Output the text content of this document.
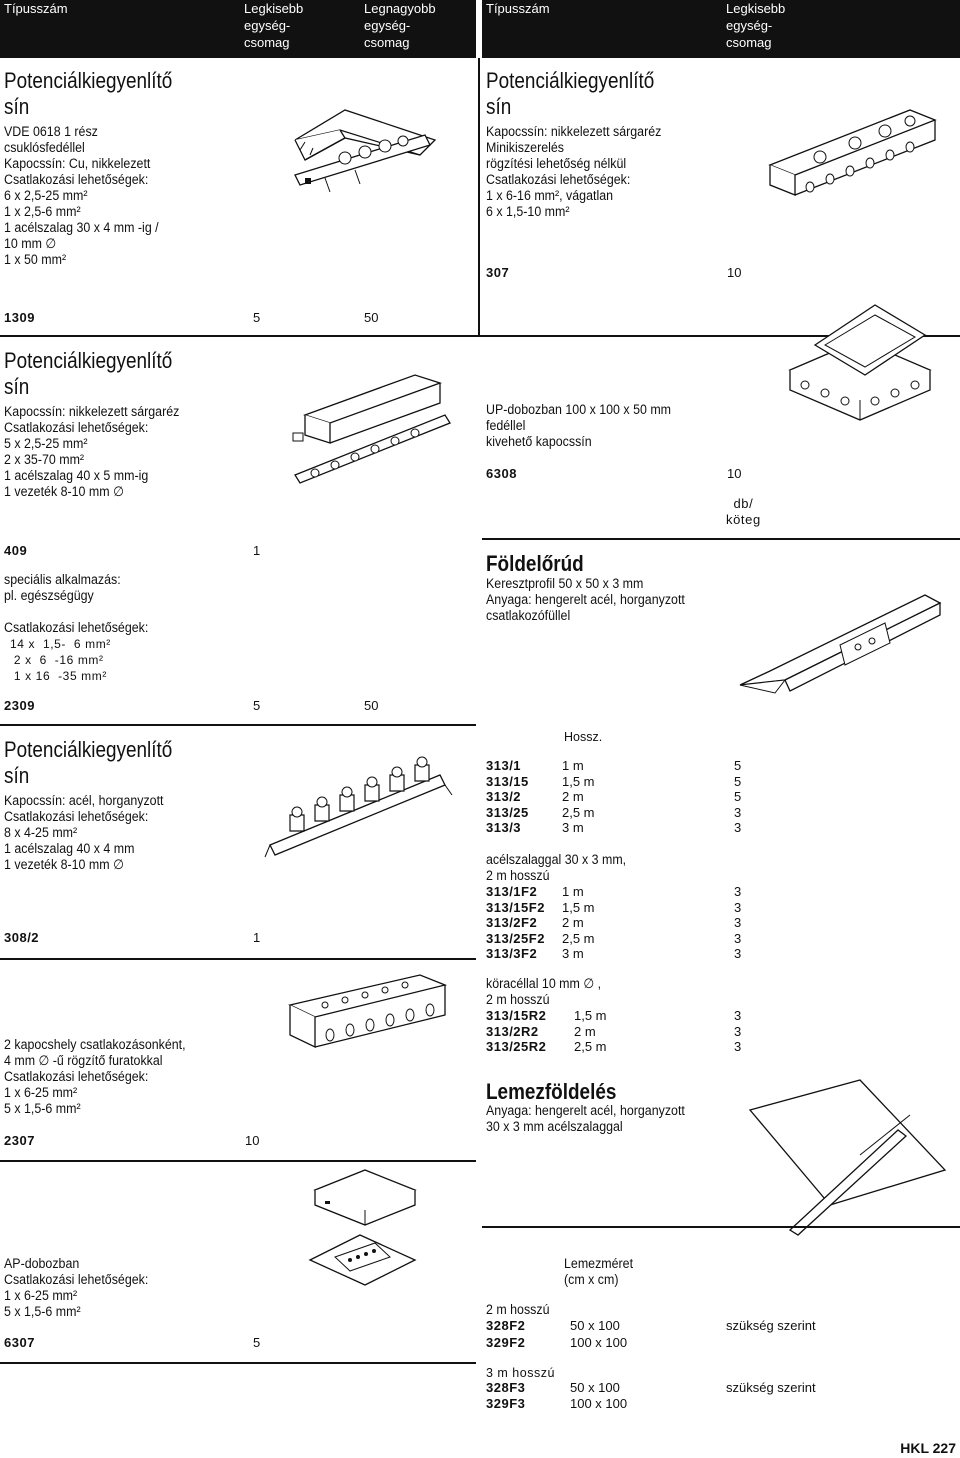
Típusszám	Legkisebb
egység-
csomag
Legnagyobb
egység-
csomag
Típusszám	Legkisebb
egység-
csomag
Potenciálkiegyenlítő
sín
VDE 0618 1 rész
csuklósfedéllel
Kapocssín: Cu, nikkelezett
Csatlakozási lehetőségek:
6 x 2,5-25 mm²
1 x 2,5-6 mm²
1 acélszalag 30 x 4 mm -ig /
10 mm ∅
1 x 50 mm²
1309	5	50
Potenciálkiegyenlítő
sín
Kapocssín: nikkelezett sárgaréz
Csatlakozási lehetőségek:
5 x 2,5-25 mm²
2 x 35-70 mm²
1 acélszalag 40 x 5 mm-ig
1 vezeték 8-10 mm ∅
409	1
speciális alkalmazás:
pl. egészségügy
Csatlakozási lehetőségek:
14 x  1,5-  6 mm²
2 x  6  -16 mm²
1 x 16  -35 mm²
2309	5	50
Potenciálkiegyenlítő
sín
Kapocssín: acél, horganyzott
Csatlakozási lehetőségek:
8 x 4-25 mm²
1 acélszalag 40 x 4 mm
1 vezeték 8-10 mm ∅
308/2	1
2 kapocshely csatlakozásonként,
4 mm ∅ -ű rögzítő furatokkal
Csatlakozási lehetőségek:
1 x 6-25 mm²
5 x 1,5-6 mm²
2307	10
AP-dobozban
Csatlakozási lehetőségek:
1 x 6-25 mm²
5 x 1,5-6 mm²
6307	5
Potenciálkiegyenlítő
sín
Kapocssín: nikkelezett sárgaréz
Minikiszerelés
rögzítési lehetőség nélkül
Csatlakozási lehetőségek:
1 x 6-16 mm², vágatlan
6 x 1,5-10 mm²
307	10
UP-dobozban 100 x 100 x 50 mm
fedéllel
kivehető kapocssín
6308	10
db/
köteg
Földelőrúd
Keresztprofil 50 x 50 x 3 mm
Anyaga: hengerelt acél, horganyzott
csatlakozófüllel
Hossz.
313/1	1 m	5
313/15	1,5 m	5
313/2	2 m	5
313/25	2,5 m	3
313/3	3 m	3
acélszalaggal 30 x 3 mm,
2 m hosszú
313/1F2 1 m	3
313/15F2 1,5 m	3
313/2F2 2 m	3
313/25F2 2,5 m	3
313/3F2 3 m	3
köracéllal 10 mm ∅ ,
2 m hosszú
313/15R2 1,5 m	3
313/2R2	2 m	3
313/25R2 2,5 m	3
Lemezföldelés
Anyaga: hengerelt acél, horganyzott
30 x 3 mm acélszalaggal
Lemezméret
(cm x cm)
2 m hosszú
328F2	50 x 100	szükség szerint
329F2	100 x 100
3 m hosszú
328F3	50 x 100	szükség szerint
329F3	100 x 100
HKL 227
